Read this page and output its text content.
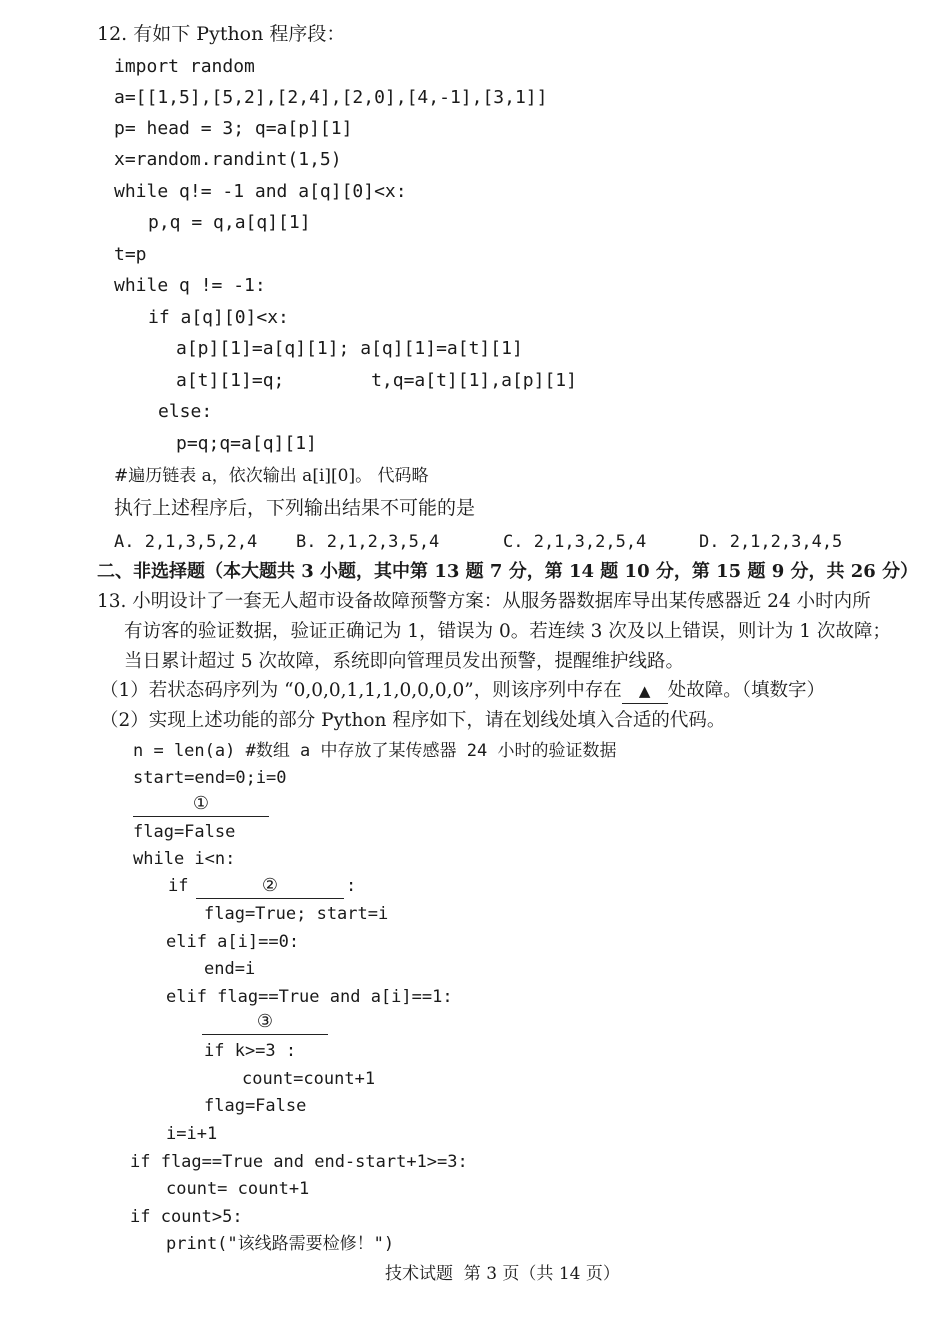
12. 有如下 Python 程序段：
import random
a=[[1,5],[5,2],[2,4],[2,0],[4,-1],[3,1]]
p= head = 3; q=a[p][1]
x=random.randint(1,5)
while q!= -1 and a[q][0]<x:
p,q = q,a[q][1]
t=p
while q != -1:
if a[q][0]<x:
a[p][1]=a[q][1]; a[q][1]=a[t][1]
a[t][1]=q;        t,q=a[t][1],a[p][1]
else:
p=q;q=a[q][1]
#遍历链表 a，依次输出 a[i][0]。 代码略
执行上述程序后，下列输出结果不可能的是
A. 2,1,3,5,2,4 B. 2,1,2,3,5,4	C. 2,1,3,2,5,4	D. 2,1,2,3,4,5
二、非选择题（本大题共 3 小题，其中第 13 题 7 分，第 14 题 10 分，第 15 题 9 分，共 26 分）
13. 小明设计了一套无人超市设备故障预警方案：从服务器数据库导出某传感器近 24 小时内所
有访客的验证数据，验证正确记为 1，错误为 0。若连续 3 次及以上错误，则计为 1 次故障；
当日累计超过 5 次故障，系统即向管理员发出预警，提醒维护线路。
（1）若状态码序列为 “0,0,0,1,1,1,0,0,0,0”，则该序列中存在 ▲ 处故障。（填数字）
（2）实现上述功能的部分 Python 程序如下，请在划线处填入合适的代码。
n = len(a) #数组 a 中存放了某传感器 24 小时的验证数据
start=end=0;i=0
①
flag=False
while i<n:
if	②	:
flag=True; start=i
elif a[i]==0:
end=i
elif flag==True and a[i]==1:
③
if k>=3 :
count=count+1
flag=False
i=i+1
if flag==True and end-start+1>=3:
count= count+1
if count>5:
print("该线路需要检修！")
技术试题  第 3 页（共 14 页）
